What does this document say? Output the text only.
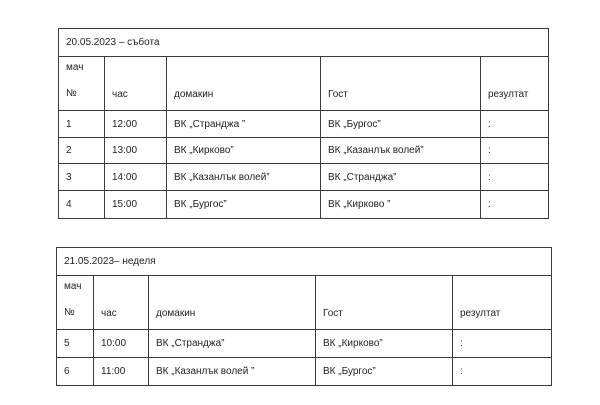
20.05.2023 – събота				

мач
№	час	домакин	Гост	резултат
1	12:00	ВК „Странджа ”	ВК „Бургос”	:
2	13:00	ВК „Кирково”	ВК „Казанлък волей”	:
3	14:00	ВК „Казанлък волей”	ВК „Странджа”	:
4	15:00	ВК „Бургос”	ВК „Кирково ”	:
21.05.2023– неделя				

мач
№	час	домакин	Гост	резултат
5	10:00	ВК „Странджа”	ВК „Кирково”	:
6	11:00	ВК „Казанлък волей ”	ВК „Бургос”	:
